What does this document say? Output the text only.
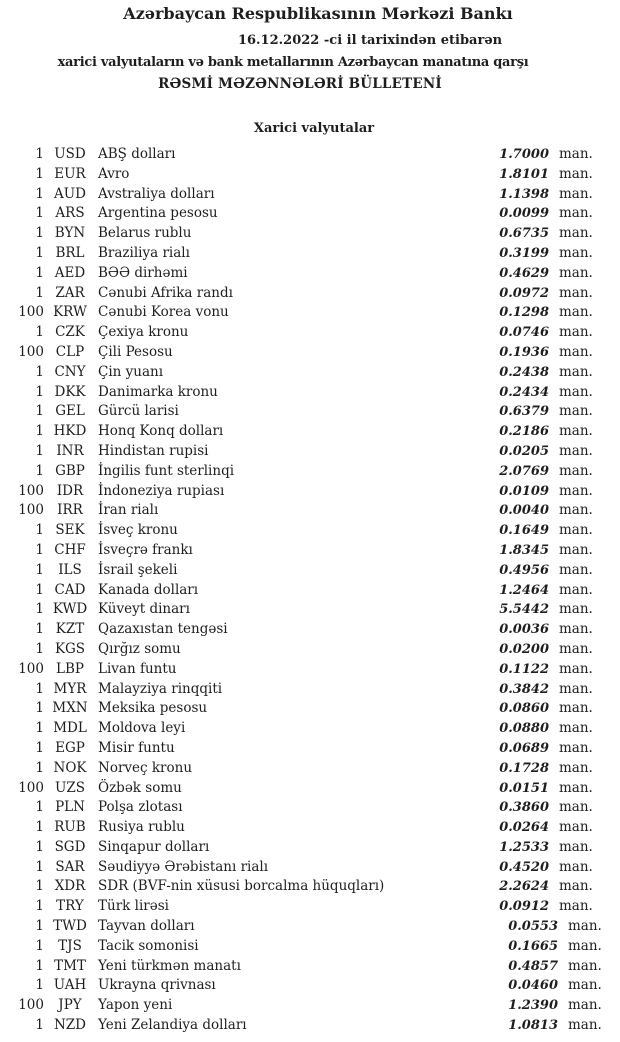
Azərbaycan Respublikasının Mərkəzi Bankı
16.12.2022 -ci il tarixindən etibarən
xarici valyutaların və bank metallarının Azərbaycan manatına qarşı
RƏSMİ MƏZƏNNƏLƏRİ BÜLLETENİ
Xarici valyutalar
1 USD ABŞ dolları	1.7000 man.
1 EUR Avro	1.8101 man.
1 AUD Avstraliya dolları	1.1398 man.
1 ARS Argentina pesosu	0.0099 man.
1 BYN Belarus rublu	0.6735 man.
1 BRL Braziliya rialı	0.3199 man.
1 AED BƏƏ dirhəmi	0.4629 man.
1 ZAR Cənubi Afrika randı	0.0972 man.
100 KRW Cənubi Korea vonu	0.1298 man.
1 CZK Çexiya kronu	0.0746 man.
100 CLP	Çili Pesosu	0.1936 man.
1 CNY Çin yuanı	0.2438 man.
1 DKK Danimarka kronu	0.2434 man.
1 GEL Gürcü larisi	0.6379 man.
1 HKD Honq Konq dolları	0.2186 man.
1 INR	Hindistan rupisi	0.0205 man.
1 GBP İngilis funt sterlinqi	2.0769 man.
100 IDR	İndoneziya rupiası	0.0109 man.
100 IRR	İran rialı	0.0040 man.
1 SEK İsveç kronu	0.1649 man.
1 CHF İsveçrə frankı	1.8345 man.
1	ILS	İsrail şekeli	0.4956 man.
1 CAD Kanada dolları	1.2464 man.
1 KWD Küveyt dinarı	5.5442 man.
1 KZT	Qazaxıstan tengəsi	0.0036 man.
1 KGS Qırğız somu	0.0200 man.
100 LBP	Livan funtu	0.1122 man.
1 MYR Malayziya rinqqiti	0.3842 man.
1 MXN Meksika pesosu	0.0860 man.
1 MDL Moldova leyi	0.0880 man.
1 EGP Misir funtu	0.0689 man.
1 NOK Norveç kronu	0.1728 man.
100 UZS Özbək somu	0.0151 man.
1 PLN Polşa zlotası	0.3860 man.
1 RUB Rusiya rublu	0.0264 man.
1 SGD Sinqapur dolları	1.2533 man.
1 SAR Səudiyyə Ərəbistanı rialı	0.4520 man.
1 XDR SDR (BVF-nin xüsusi borcalma hüquqları)	2.2624 man.
1 TRY	Türk lirəsi	0.0912 man.
1 TWD Tayvan dolları	0.0553 man.
1	TJS	Tacik somonisi	0.1665 man.
1 TMT Yeni türkmən manatı	0.4857 man.
1 UAH Ukrayna qrivnası	0.0460 man.
100	JPY	Yapon yeni	1.2390 man.
1 NZD Yeni Zelandiya dolları	1.0813 man.
